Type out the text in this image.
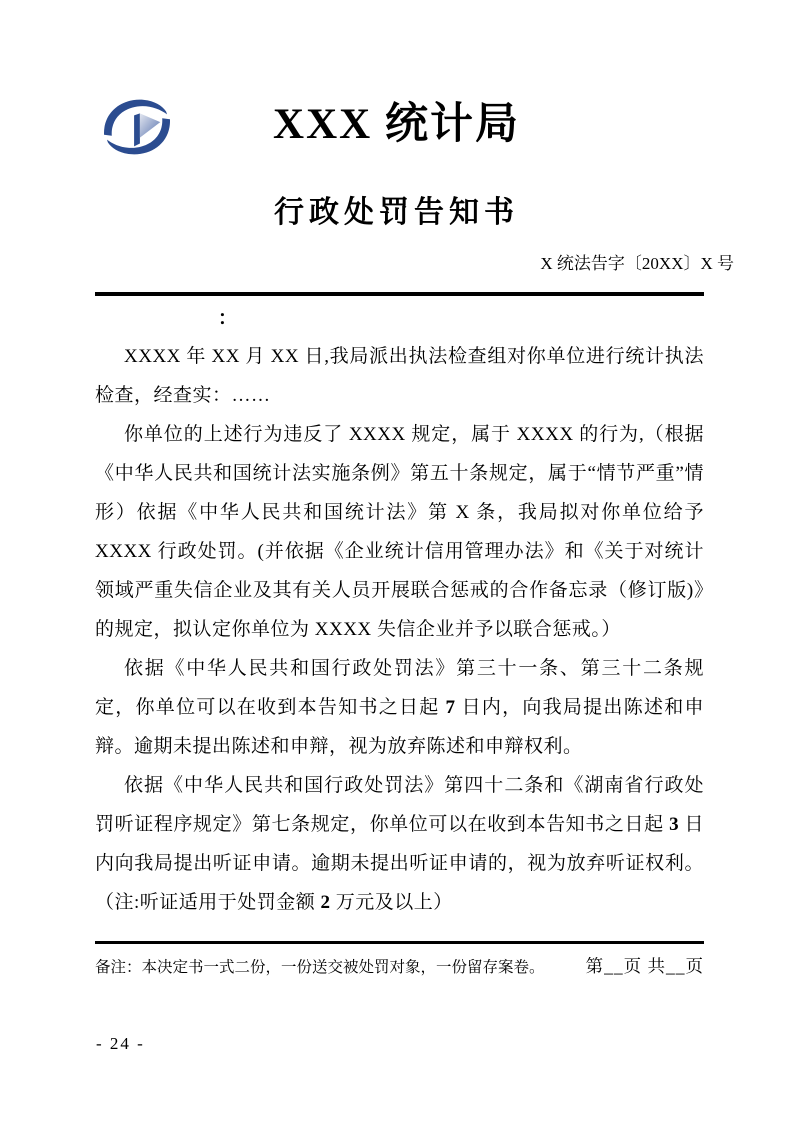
XXX 统计局
行政处罚告知书
X 统法告字〔20XX〕X 号
：

XXXX 年 XX 月 XX 日,我局派出执法检查组对你单位进行统计执法检查，经查实：……

你单位的上述行为违反了 XXXX 规定，属于 XXXX 的行为,（根据《中华人民共和国统计法实施条例》第五十条规定，属于“情节严重”情形）依据《中华人民共和国统计法》第 X 条，我局拟对你单位给予 XXXX 行政处罚。(并依据《企业统计信用管理办法》和《关于对统计领域严重失信企业及其有关人员开展联合惩戒的合作备忘录（修订版)》的规定，拟认定你单位为 XXXX 失信企业并予以联合惩戒。）

依据《中华人民共和国行政处罚法》第三十一条、第三十二条规定，你单位可以在收到本告知书之日起 7 日内，向我局提出陈述和申辩。逾期未提出陈述和申辩，视为放弃陈述和申辩权利。

依据《中华人民共和国行政处罚法》第四十二条和《湖南省行政处罚听证程序规定》第七条规定，你单位可以在收到本告知书之日起 3 日内向我局提出听证申请。逾期未提出听证申请的，视为放弃听证权利。（注:听证适用于处罚金额 2 万元及以上）

备注：本决定书一式二份，一份送交被处罚对象，一份留存案卷。 第__页 共__页
- 24 -
